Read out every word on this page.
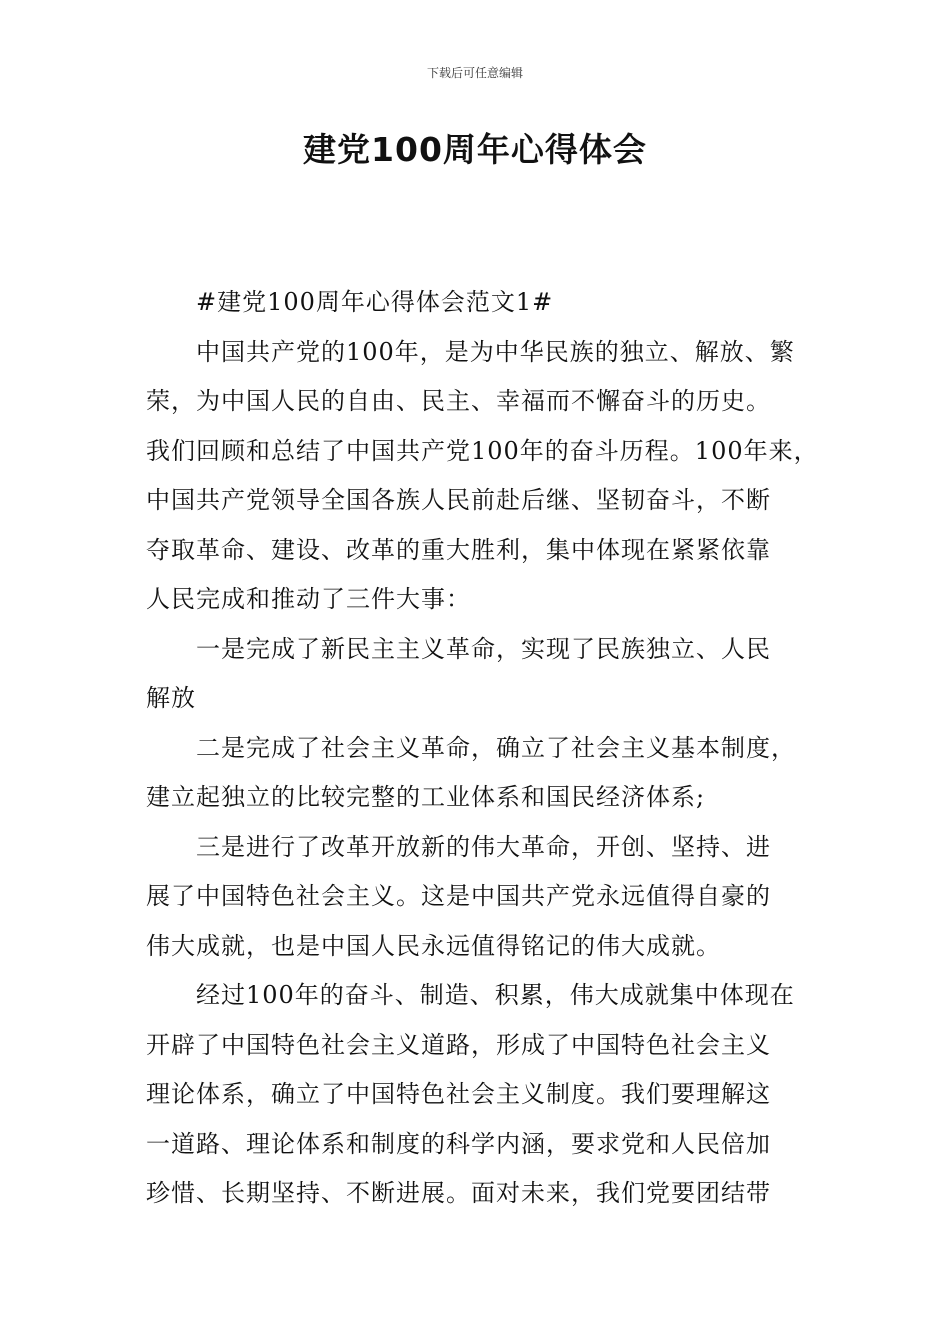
下载后可任意编辑
建党100周年心得体会
#建党100周年心得体会范文1#
中国共产党的100年，是为中华民族的独立、解放、繁
荣，为中国人民的自由、民主、幸福而不懈奋斗的历史。
我们回顾和总结了中国共产党100年的奋斗历程。100年来，
中国共产党领导全国各族人民前赴后继、坚韧奋斗，不断
夺取革命、建设、改革的重大胜利，集中体现在紧紧依靠
人民完成和推动了三件大事：
一是完成了新民主主义革命，实现了民族独立、人民
解放
二是完成了社会主义革命，确立了社会主义基本制度，
建立起独立的比较完整的工业体系和国民经济体系;
三是进行了改革开放新的伟大革命，开创、坚持、进
展了中国特色社会主义。这是中国共产党永远值得自豪的
伟大成就，也是中国人民永远值得铭记的伟大成就。
经过100年的奋斗、制造、积累，伟大成就集中体现在
开辟了中国特色社会主义道路，形成了中国特色社会主义
理论体系，确立了中国特色社会主义制度。我们要理解这
一道路、理论体系和制度的科学内涵，要求党和人民倍加
珍惜、长期坚持、不断进展。面对未来，我们党要团结带
